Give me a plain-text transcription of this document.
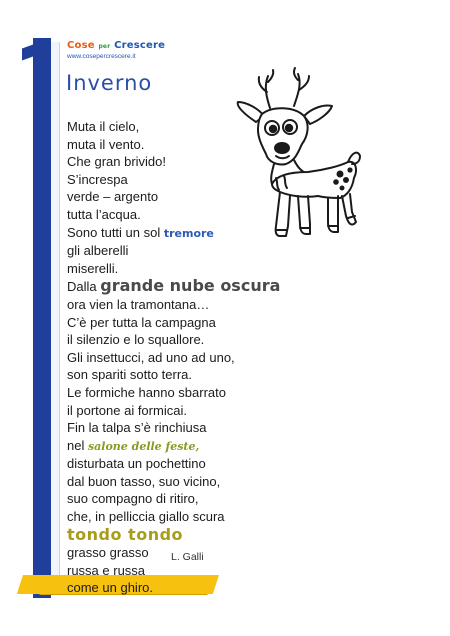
Cose per Crescere
www.cosepercrescere.it
Inverno
Muta il cielo,
muta il vento.
Che gran brivido!
S’increspa
verde – argento
tutta l’acqua.
Sono tutti un sol tremore
gli alberelli
miserelli.
Dalla grande nube oscura
ora vien la tramontana…
C’è per tutta la campagna
il silenzio e lo squallore.
Gli insettucci, ad uno ad uno,
son spariti sotto terra.
Le formiche hanno sbarrato
il portone ai formicai.
Fin la talpa s’è rinchiusa
nel salone delle feste,
disturbata un pochettino
dal buon tasso, suo vicino,
suo compagno di ritiro,
che, in pelliccia giallo scura
tondo tondo
grasso grasso
russa e russa
come un ghiro.
L. Galli
